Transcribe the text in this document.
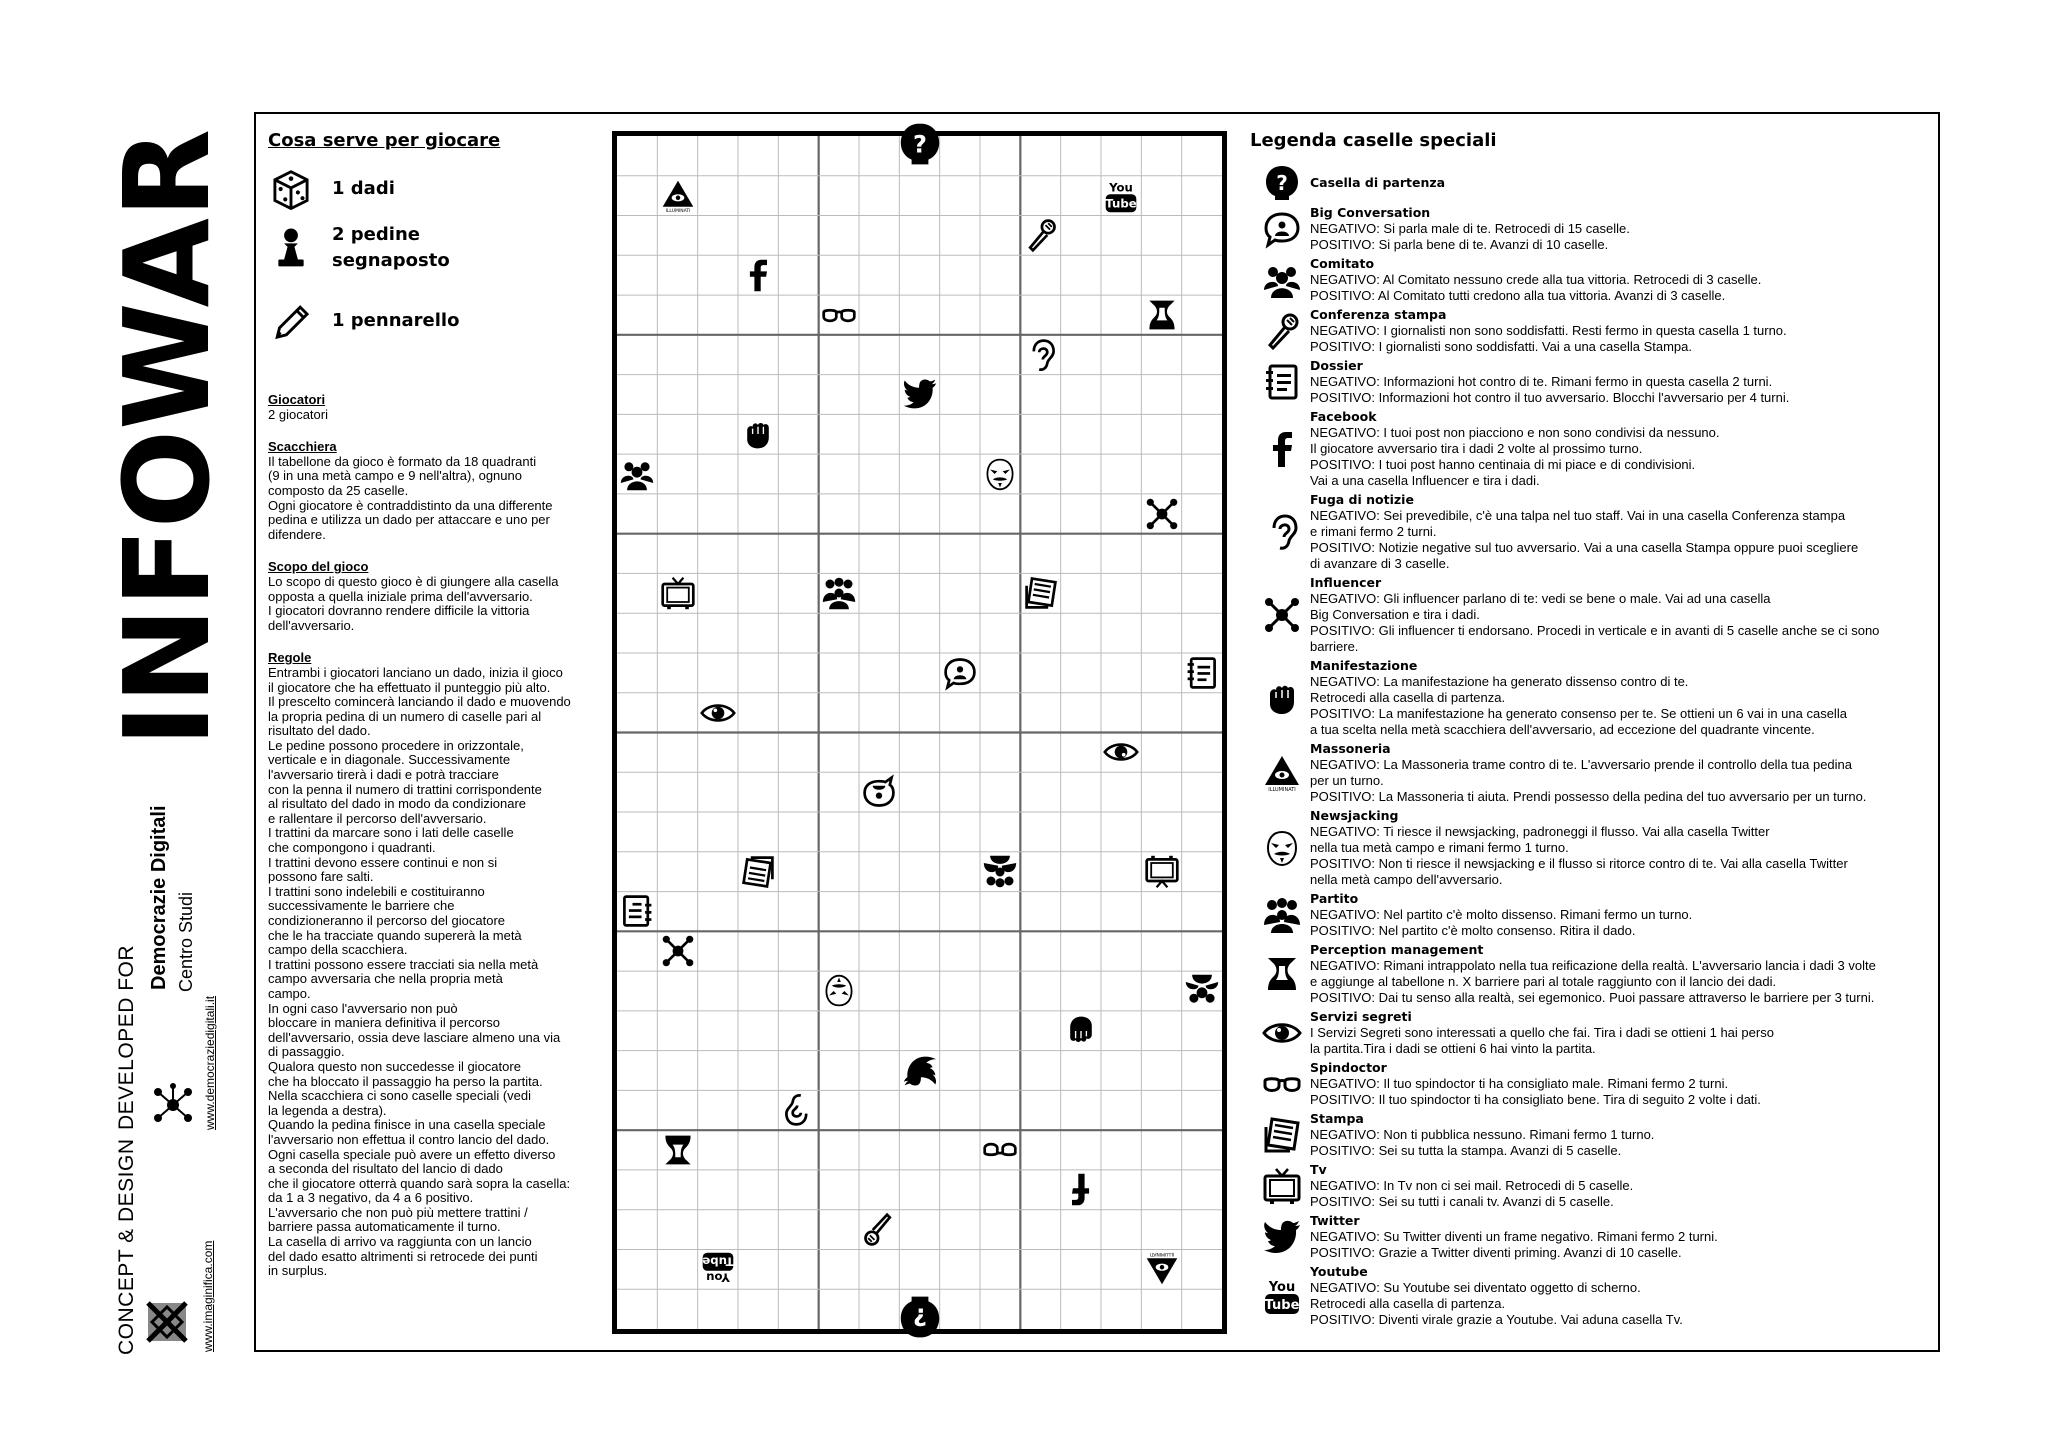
INFOWAR
DEVELOPED FOR
Democrazie Digitali Centro Studi
www.democraziedigitali.it
CONCEPT & DESIGN	www.imaginifica.com
Cosa serve per giocare
1 dadi
2 pedine
segnaposto
1 pennarello
Giocatori

2 giocatori

Scacchiera

Il tabellone da gioco è formato da 18 quadranti
(9 in una metà campo e 9 nell'altra), ognuno
composto da 25 caselle.
Ogni giocatore è contraddistinto da una differente
pedina e utilizza un dado per attaccare e uno per
difendere.

Scopo del gioco

Lo scopo di questo gioco è di giungere alla casella
opposta a quella iniziale prima dell'avversario.
I giocatori dovranno rendere difficile la vittoria
dell'avversario.

Regole

Entrambi i giocatori lanciano un dado, inizia il gioco
il giocatore che ha effettuato il punteggio più alto.
Il prescelto comincerà lanciando il dado e muovendo
la propria pedina di un numero di caselle pari al
risultato del dado.
Le pedine possono procedere in orizzontale,
verticale e in diagonale. Successivamente
l'avversario tirerà i dadi e potrà tracciare
con la penna il numero di trattini corrispondente
al risultato del dado in modo da condizionare
e rallentare il percorso dell'avversario.
I trattini da marcare sono i lati delle caselle
che compongono i quadranti.
I trattini devono essere continui e non si
possono fare salti.
I trattini sono indelebili e costituiranno
successivamente le barriere che
condizioneranno il percorso del giocatore
che le ha tracciate quando supererà la metà
campo della scacchiera.
I trattini possono essere tracciati sia nella metà
campo avversaria che nella propria metà
campo.
In ogni caso l'avversario non può
bloccare in maniera definitiva il percorso
dell'avversario, ossia deve lasciare almeno una via
di passaggio.
Qualora questo non succedesse il giocatore
che ha bloccato il passaggio ha perso la partita.
Nella scacchiera ci sono caselle speciali (vedi
la legenda a destra).
Quando la pedina finisce in una casella speciale
l'avversario non effettua il contro lancio del dado.
Ogni casella speciale può avere un effetto diverso
a seconda del risultato del lancio di dado
che il giocatore otterrà quando sarà sopra la casella:
da 1 a 3 negativo, da 4 a 6 positivo.
L'avversario che non può più mettere trattini /
barriere passa automaticamente il turno.
La casella di arrivo va raggiunta con un lancio
del dado esatto altrimenti si retrocede dei punti
in surplus.

Legenda caselle speciali
Casella di partenza
Big Conversation
NEGATIVO: Si parla male di te. Retrocedi di 15 caselle.
POSITIVO: Si parla bene di te. Avanzi di 10 caselle.
Comitato
NEGATIVO: Al Comitato nessuno crede alla tua vittoria. Retrocedi di 3 caselle.
POSITIVO: Al Comitato tutti credono alla tua vittoria. Avanzi di 3 caselle.
Conferenza stampa
NEGATIVO: I giornalisti non sono soddisfatti. Resti fermo in questa casella 1 turno.
POSITIVO: I giornalisti sono soddisfatti. Vai a una casella Stampa.
Dossier
NEGATIVO: Informazioni hot contro di te. Rimani fermo in questa casella 2 turni.
POSITIVO: Informazioni hot contro il tuo avversario. Blocchi l'avversario per 4 turni.
Facebook
NEGATIVO: I tuoi post non piacciono e non sono condivisi da nessuno.
Il giocatore avversario tira i dadi 2 volte al prossimo turno.
POSITIVO: I tuoi post hanno centinaia di mi piace e di condivisioni.
Vai a una casella Influencer e tira i dadi.
Fuga di notizie
NEGATIVO: Sei prevedibile, c'è una talpa nel tuo staff. Vai in una casella Conferenza stampa
e rimani fermo 2 turni.
POSITIVO: Notizie negative sul tuo avversario. Vai a una casella Stampa oppure puoi scegliere
di avanzare di 3 caselle.
Influencer
NEGATIVO: Gli influencer parlano di te: vedi se bene o male. Vai ad una casella
Big Conversation e tira i dadi.
POSITIVO: Gli influencer ti endorsano. Procedi in verticale e in avanti di 5 caselle anche se ci sono
barriere.
Manifestazione
NEGATIVO: La manifestazione ha generato dissenso contro di te.
Retrocedi alla casella di partenza.
POSITIVO: La manifestazione ha generato consenso per te. Se ottieni un 6 vai in una casella
a tua scelta nella metà scacchiera dell'avversario, ad eccezione del quadrante vincente.
Massoneria
NEGATIVO: La Massoneria trame contro di te. L'avversario prende il controllo della tua pedina
per un turno.
POSITIVO: La Massoneria ti aiuta. Prendi possesso della pedina del tuo avversario per un turno.
Newsjacking
NEGATIVO: Ti riesce il newsjacking, padroneggi il flusso. Vai alla casella Twitter
nella tua metà campo e rimani fermo 1 turno.
POSITIVO: Non ti riesce il newsjacking e il flusso si ritorce contro di te. Vai alla casella Twitter
nella metà campo dell'avversario.
Partito
NEGATIVO: Nel partito c'è molto dissenso. Rimani fermo un turno.
POSITIVO: Nel partito c'è molto consenso. Ritira il dado.
Perception management
NEGATIVO: Rimani intrappolato nella tua reificazione della realtà. L'avversario lancia i dadi 3 volte
e aggiunge al tabellone n. X barriere pari al totale raggiunto con il lancio dei dadi.
POSITIVO: Dai tu senso alla realtà, sei egemonico. Puoi passare attraverso le barriere per 3 turni.
Servizi segreti
I Servizi Segreti sono interessati a quello che fai. Tira i dadi se ottieni 1 hai perso
la partita.Tira i dadi se ottieni 6 hai vinto la partita.
Spindoctor
NEGATIVO: Il tuo spindoctor ti ha consigliato male. Rimani fermo 2 turni.
POSITIVO: Il tuo spindoctor ti ha consigliato bene. Tira di seguito 2 volte i dati.
Stampa
NEGATIVO: Non ti pubblica nessuno. Rimani fermo 1 turno.
POSITIVO: Sei su tutta la stampa. Avanzi di 5 caselle.
Tv
NEGATIVO: In Tv non ci sei mail. Retrocedi di 5 caselle.
POSITIVO: Sei su tutti i canali tv. Avanzi di 5 caselle.
Twitter
NEGATIVO: Su Twitter diventi un frame negativo. Rimani fermo 2 turni.
POSITIVO: Grazie a Twitter diventi priming. Avanzi di 10 caselle.
Youtube
NEGATIVO: Su Youtube sei diventato oggetto di scherno.
Retrocedi alla casella di partenza.
POSITIVO: Diventi virale grazie a Youtube. Vai aduna casella Tv.
